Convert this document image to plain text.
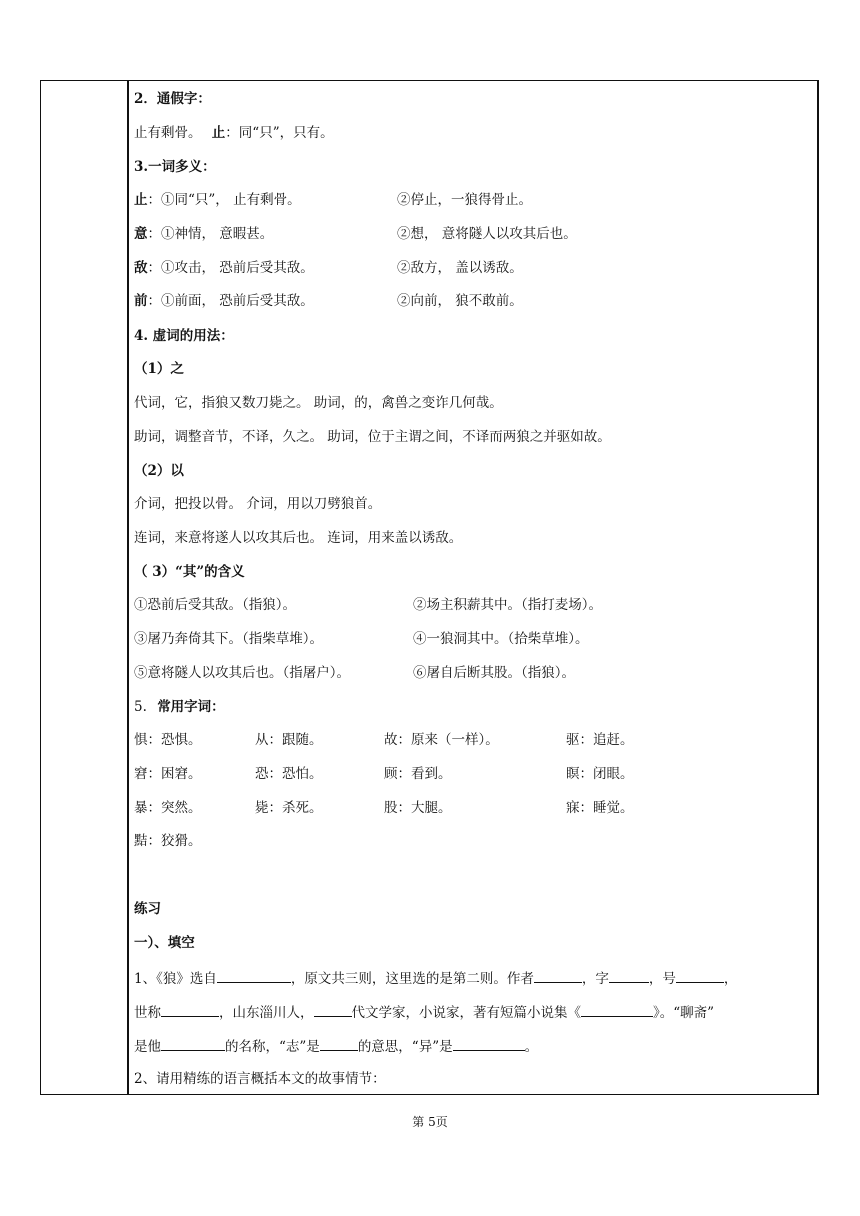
2．通假字：
止有剩骨。 止：同“只”，只有。
3.一词多义：
止：①同“只”， 止有剩骨。	②停止，一狼得骨止。
意：①神情， 意暇甚。	②想， 意将隧人以攻其后也。
敌：①攻击， 恐前后受其敌。	②敌方， 盖以诱敌。
前：①前面， 恐前后受其敌。	②向前， 狼不敢前。
4. 虚词的用法：
（1）之
代词，它，指狼又数刀毙之。 助词，的，禽兽之变诈几何哉。
助词，调整音节，不译，久之。 助词，位于主谓之间，不译而两狼之并驱如故。
（2）以
介词，把投以骨。 介词，用以刀劈狼首。
连词，来意将遂人以攻其后也。 连词，用来盖以诱敌。
（ 3）“其”的含义
①恐前后受其敌。（指狼）。	②场主积薪其中。（指打麦场）。
③屠乃奔倚其下。（指柴草堆）。	④一狼洞其中。（拾柴草堆）。
⑤意将隧人以攻其后也。（指屠户）。	⑥屠自后断其股。（指狼）。
5. 常用字词：
惧：恐惧。	从：跟随。	故：原来（一样）。	驱：追赶。
窘：困窘。	恐：恐怕。	顾：看到。	瞑：闭眼。
暴：突然。	毙：杀死。	股：大腿。	寐：睡觉。
黠：狡猾。
练习
一）、填空
1、《狼》选自	，原文共三则，这里选的是第二则。作者	，字	，号	，
世称	，山东淄川人，	代文学家，小说家，著有短篇小说集《	》。“聊斋”
是他	的名称，“志”是	的意思，“异”是	。
2、请用精练的语言概括本文的故事情节：
第 5页
